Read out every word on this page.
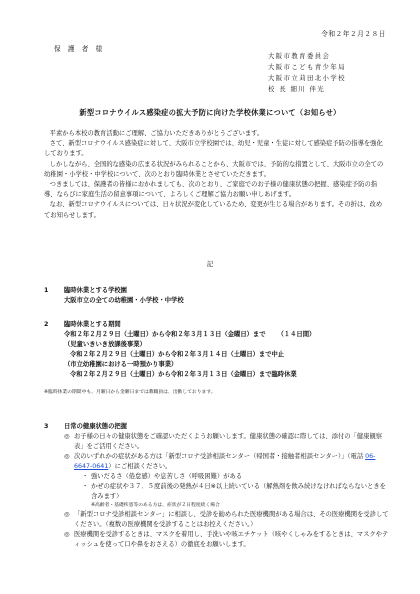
令和２年２月２８日
保 護 者 様
大阪市教育委員会
大阪市こども青少年局
大阪市立苅田北小学校
校 長 細川 伴光
新型コロナウイルス感染症の拡大予防に向けた学校休業について（お知らせ）

平素から本校の教育活動にご理解、ご協力いただきありがとうございます。

さて、新型コロナウイルス感染症に対して、大阪市立学校園では、幼児・児童・生徒に対して感染症予防の指導を強化しております。

しかしながら、全国的な感染の広まる状況がみられることから、大阪市では、予防的な措置として、大阪市立の全ての幼稚園・小学校・中学校について、次のとおり臨時休業とさせていただきます。

つきましては、保護者の皆様におかれましても、次のとおり、ご家庭でのお子様の健康状態の把握、感染症予防の指導、ならびに家庭生活の留意事項について、よろしくご理解ご協力お願い申しあげます。

なお、新型コロナウイルスについては、日々状況が変化しているため、変更が生じる場合があります。その折は、改めてお知らせします。

記
1 臨時休業とする学校園
大阪市立の全ての幼稚園・小学校・中学校
2 臨時休業とする期間
令和２年２月２９日（土曜日）から令和２年３月１３日（金曜日）まで （１４日間）
（児童いきいき放課後事業）
令和２年２月２９日（土曜日）から令和２年３月１４日（土曜日）まで中止
（市立幼稚園における一時預かり事業）
令和２年２月２９日（土曜日）から令和２年３月１３日（金曜日）まで臨時休業
※臨時休業の期間中も、月曜日から金曜日までは教職員は、出勤しております。
3 日常の健康状態の把握
◎ お子様の日々の健康状態をご確認いただくようお願いします。健康状態の確認に際しては、添付の「健康観察表」をご活用ください。
◎ 次のいずれかの症状がある方は「新型コロナ受診相談センター（帰国者・接触者相談センター）」（電話 06-6647-0641）にご相談ください。
・ 強いだるさ（倦怠感）や息苦しさ（呼吸困難）がある
・ かぜの症状や３７．５度前後の発熱が４日※以上続いている（解熱剤を飲み続けなければならないときを含みます）
※高齢者・基礎疾患等のある方は、症状が２日程度続く場合
◎ 「新型コロナ受診相談センター」に相談し、受診を勧められた医療機関がある場合は、その医療機関を受診してください。（複数の医療機関を受診することはお控えください。）
◎ 医療機関を受診するときは、マスクを着用し、手洗いや咳エチケット（咳やくしゃみをするときは、マスクやティッシュを使って口や鼻をおさえる）の徹底をお願いします。
